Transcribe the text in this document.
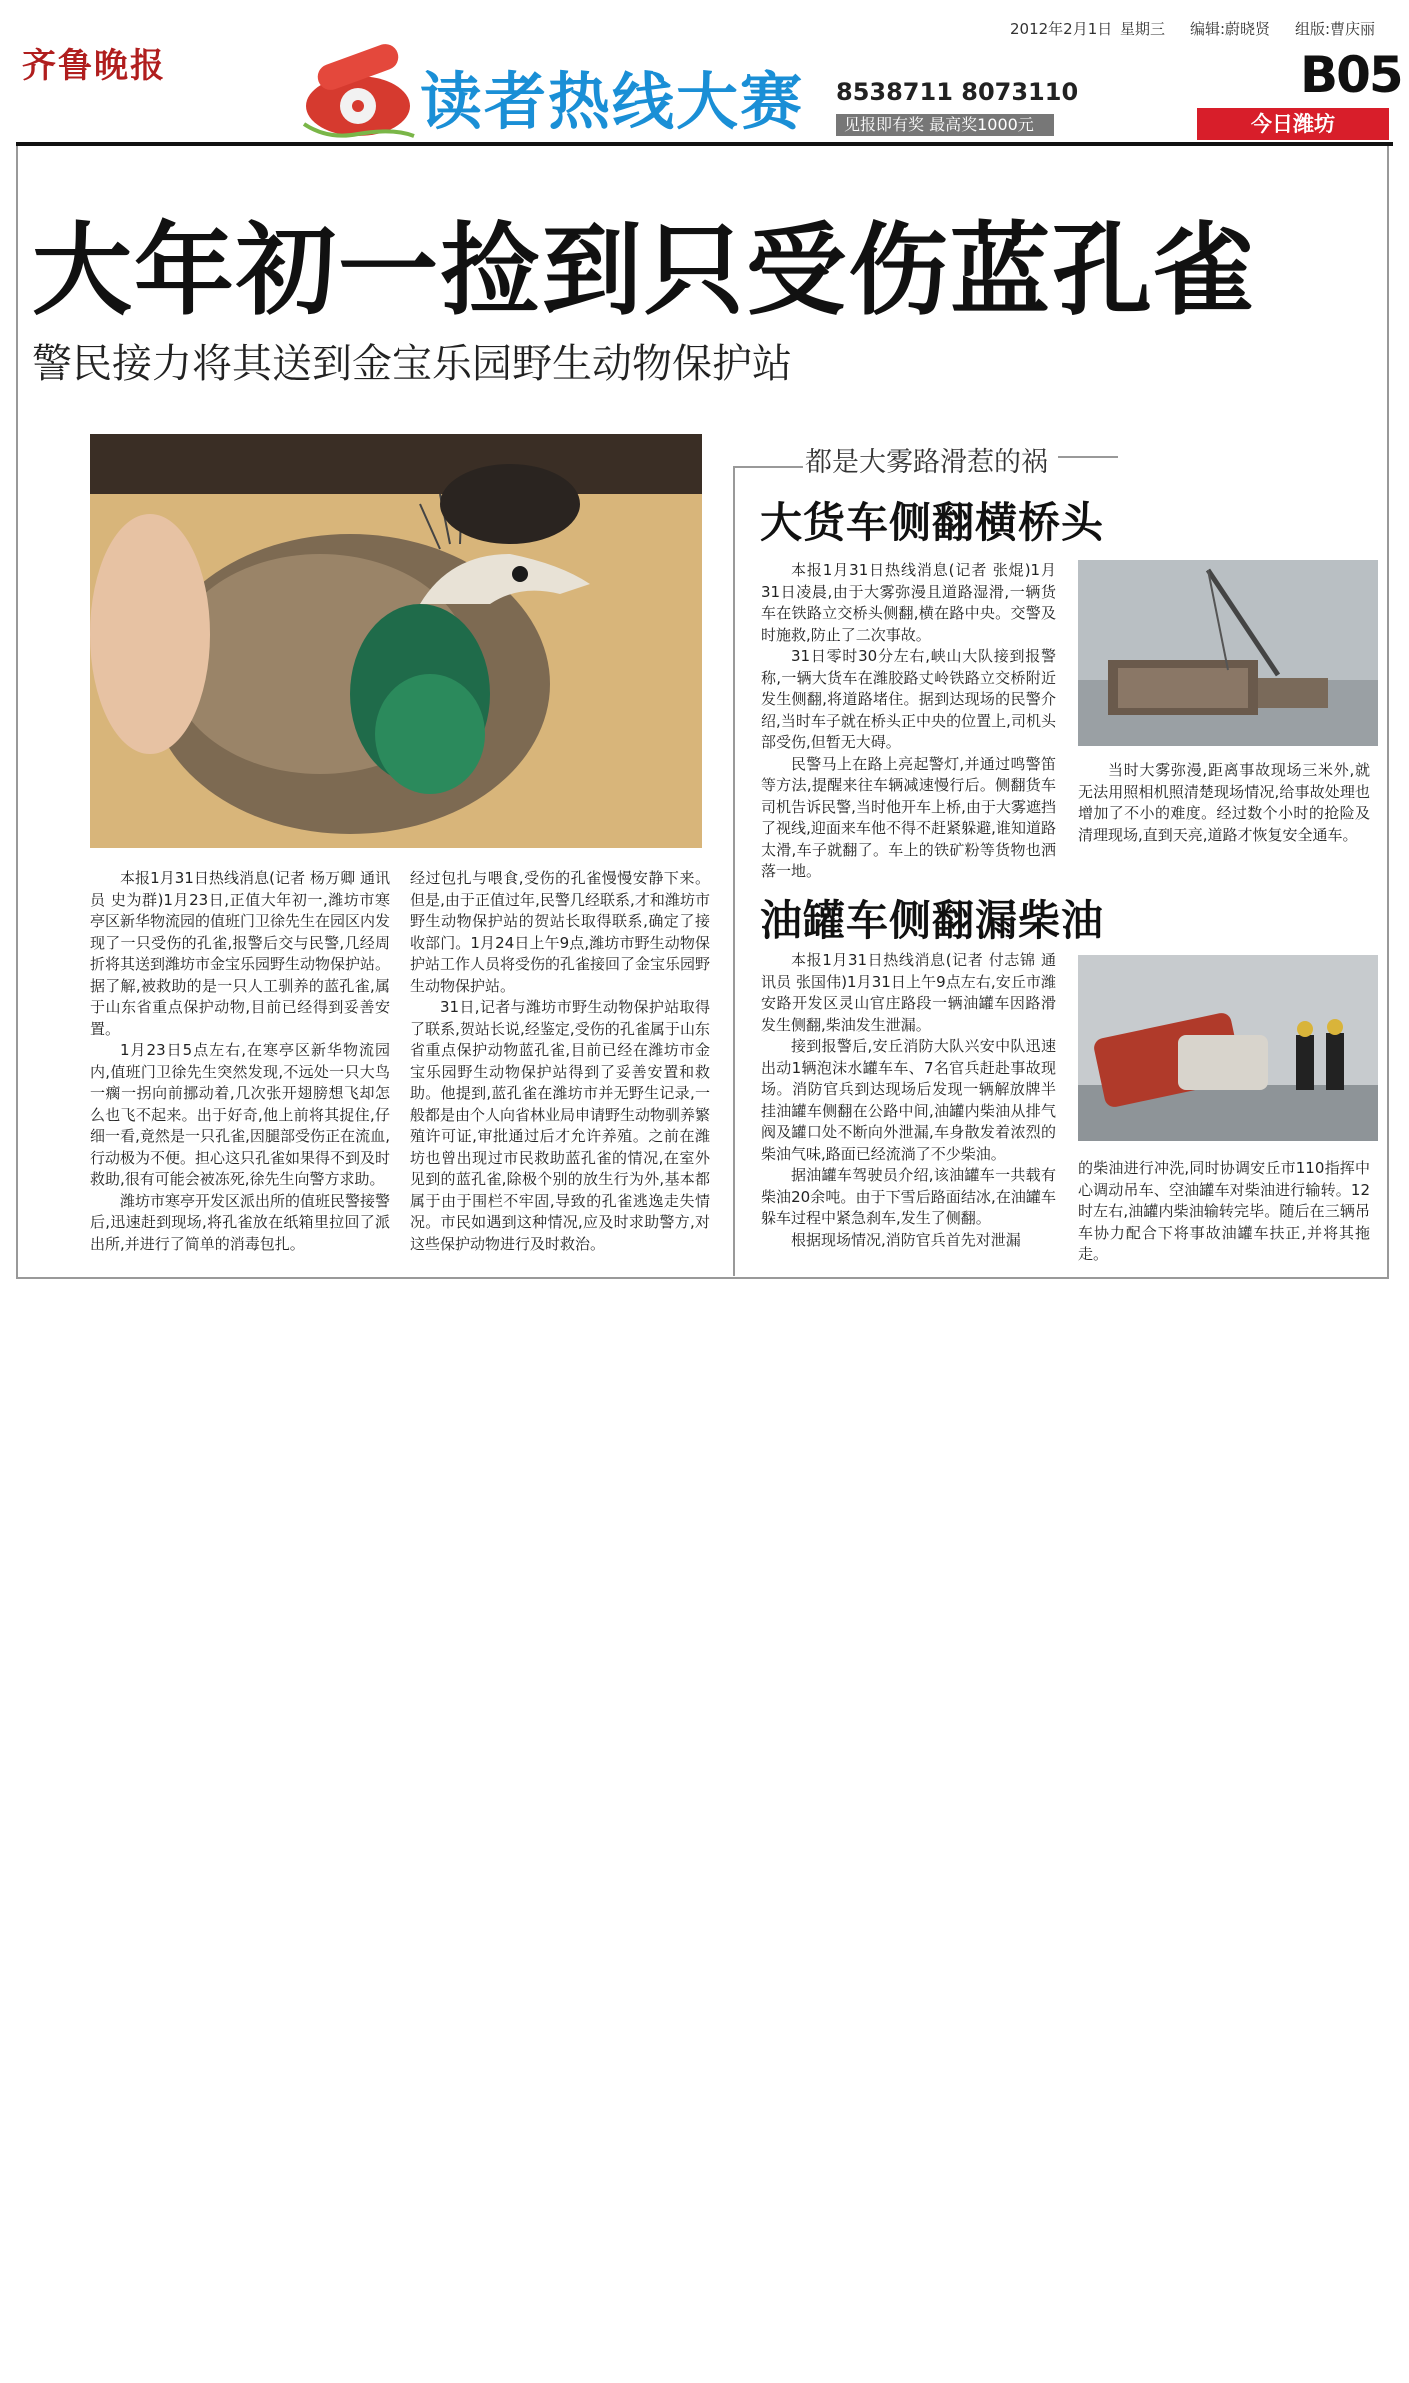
齐鲁晚报	读者热线大赛 8538711 8073110
见报即有奖 最高奖1000元
2012年2月1日 星期三 编辑:蔚晓贤 组版:曹庆丽
B05
今日潍坊
大年初一捡到只受伤蓝孔雀
警民接力将其送到金宝乐园野生动物保护站

本报1月31日热线消息(记者 杨万卿 通讯员 史为群)1月23日,正值大年初一,潍坊市寒亭区新华物流园的值班门卫徐先生在园区内发现了一只受伤的孔雀,报警后交与民警,几经周折将其送到潍坊市金宝乐园野生动物保护站。据了解,被救助的是一只人工驯养的蓝孔雀,属于山东省重点保护动物,目前已经得到妥善安置。

1月23日5点左右,在寒亭区新华物流园内,值班门卫徐先生突然发现,不远处一只大鸟一瘸一拐向前挪动着,几次张开翅膀想飞却怎么也飞不起来。出于好奇,他上前将其捉住,仔细一看,竟然是一只孔雀,因腿部受伤正在流血,行动极为不便。担心这只孔雀如果得不到及时救助,很有可能会被冻死,徐先生向警方求助。

潍坊市寒亭开发区派出所的值班民警接警后,迅速赶到现场,将孔雀放在纸箱里拉回了派出所,并进行了简单的消毒包扎。

经过包扎与喂食,受伤的孔雀慢慢安静下来。但是,由于正值过年,民警几经联系,才和潍坊市野生动物保护站的贺站长取得联系,确定了接收部门。1月24日上午9点,潍坊市野生动物保护站工作人员将受伤的孔雀接回了金宝乐园野生动物保护站。

31日,记者与潍坊市野生动物保护站取得了联系,贺站长说,经鉴定,受伤的孔雀属于山东省重点保护动物蓝孔雀,目前已经在潍坊市金宝乐园野生动物保护站得到了妥善安置和救助。他提到,蓝孔雀在潍坊市并无野生记录,一般都是由个人向省林业局申请野生动物驯养繁殖许可证,审批通过后才允许养殖。之前在潍坊也曾出现过市民救助蓝孔雀的情况,在室外见到的蓝孔雀,除极个别的放生行为外,基本都属于由于围栏不牢固,导致的孔雀逃逸走失情况。市民如遇到这种情况,应及时求助警方,对这些保护动物进行及时救治。

都是大雾路滑惹的祸
大货车侧翻横桥头

本报1月31日热线消息(记者 张焜)1月31日凌晨,由于大雾弥漫且道路湿滑,一辆货车在铁路立交桥头侧翻,横在路中央。交警及时施救,防止了二次事故。

31日零时30分左右,峡山大队接到报警称,一辆大货车在潍胶路丈岭铁路立交桥附近发生侧翻,将道路堵住。据到达现场的民警介绍,当时车子就在桥头正中央的位置上,司机头部受伤,但暂无大碍。

民警马上在路上亮起警灯,并通过鸣警笛等方法,提醒来往车辆减速慢行后。侧翻货车司机告诉民警,当时他开车上桥,由于大雾遮挡了视线,迎面来车他不得不赶紧躲避,谁知道路太滑,车子就翻了。车上的铁矿粉等货物也洒落一地。

当时大雾弥漫,距离事故现场三米外,就无法用照相机照清楚现场情况,给事故处理也增加了不小的难度。经过数个小时的抢险及清理现场,直到天亮,道路才恢复安全通车。

油罐车侧翻漏柴油

本报1月31日热线消息(记者 付志锦 通讯员 张国伟)1月31日上午9点左右,安丘市潍安路开发区灵山官庄路段一辆油罐车因路滑发生侧翻,柴油发生泄漏。

接到报警后,安丘消防大队兴安中队迅速出动1辆泡沫水罐车车、7名官兵赶赴事故现场。消防官兵到达现场后发现一辆解放牌半挂油罐车侧翻在公路中间,油罐内柴油从排气阀及罐口处不断向外泄漏,车身散发着浓烈的柴油气味,路面已经流淌了不少柴油。

据油罐车驾驶员介绍,该油罐车一共载有柴油20余吨。由于下雪后路面结冰,在油罐车躲车过程中紧急刹车,发生了侧翻。

根据现场情况,消防官兵首先对泄漏

的柴油进行冲洗,同时协调安丘市110指挥中心调动吊车、空油罐车对柴油进行输转。12时左右,油罐内柴油输转完毕。随后在三辆吊车协力配合下将事故油罐车扶正,并将其拖走。
